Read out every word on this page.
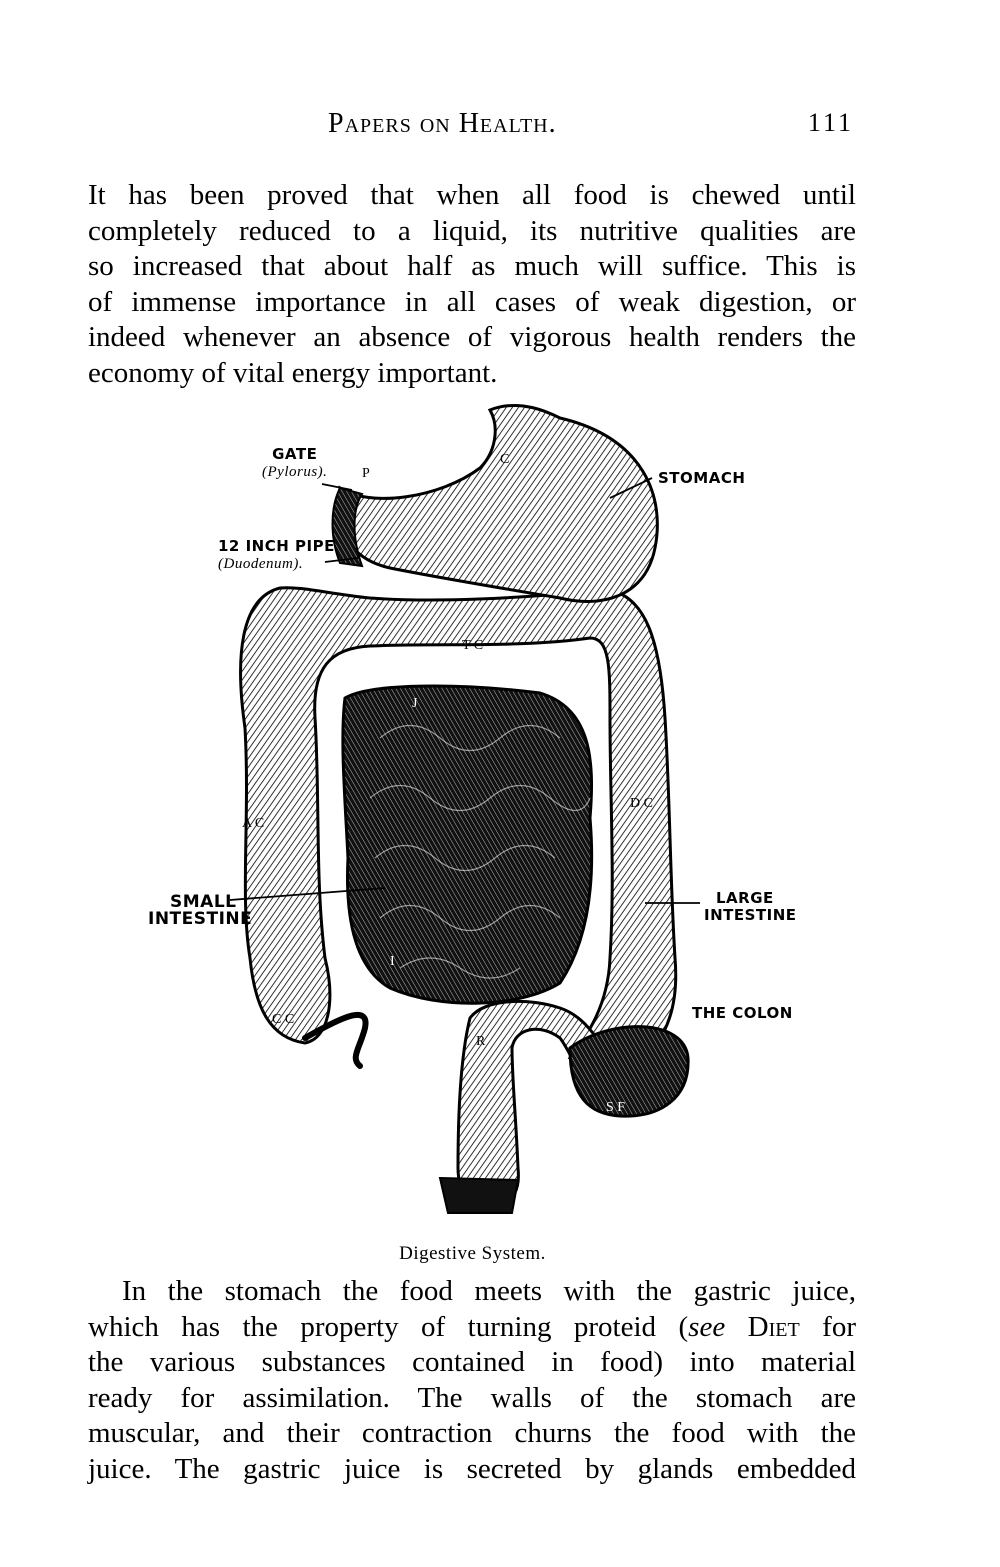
Papers on Health.	111

It has been proved that when all food is chewed until
completely reduced to a liquid, its nutritive qualities are
so increased that about half as much will suffice. This is
of immense importance in all cases of weak digestion, or
indeed whenever an absence of vigorous health renders the
economy of vital energy important.

GATE
(Pylorus).
12 INCH PIPE
(Duodenum).
STOMACH
SMALL
INTESTINE
LARGE
INTESTINE
THE COLON
P
C
T C
J
A C
D C
I
C C
R
S F
Digestive System.

In the stomach the food meets with the gastric juice,
which has the property of turning proteid (see Diet for
the various substances contained in food) into material
ready for assimilation. The walls of the stomach are
muscular, and their contraction churns the food with the
juice. The gastric juice is secreted by glands embedded
